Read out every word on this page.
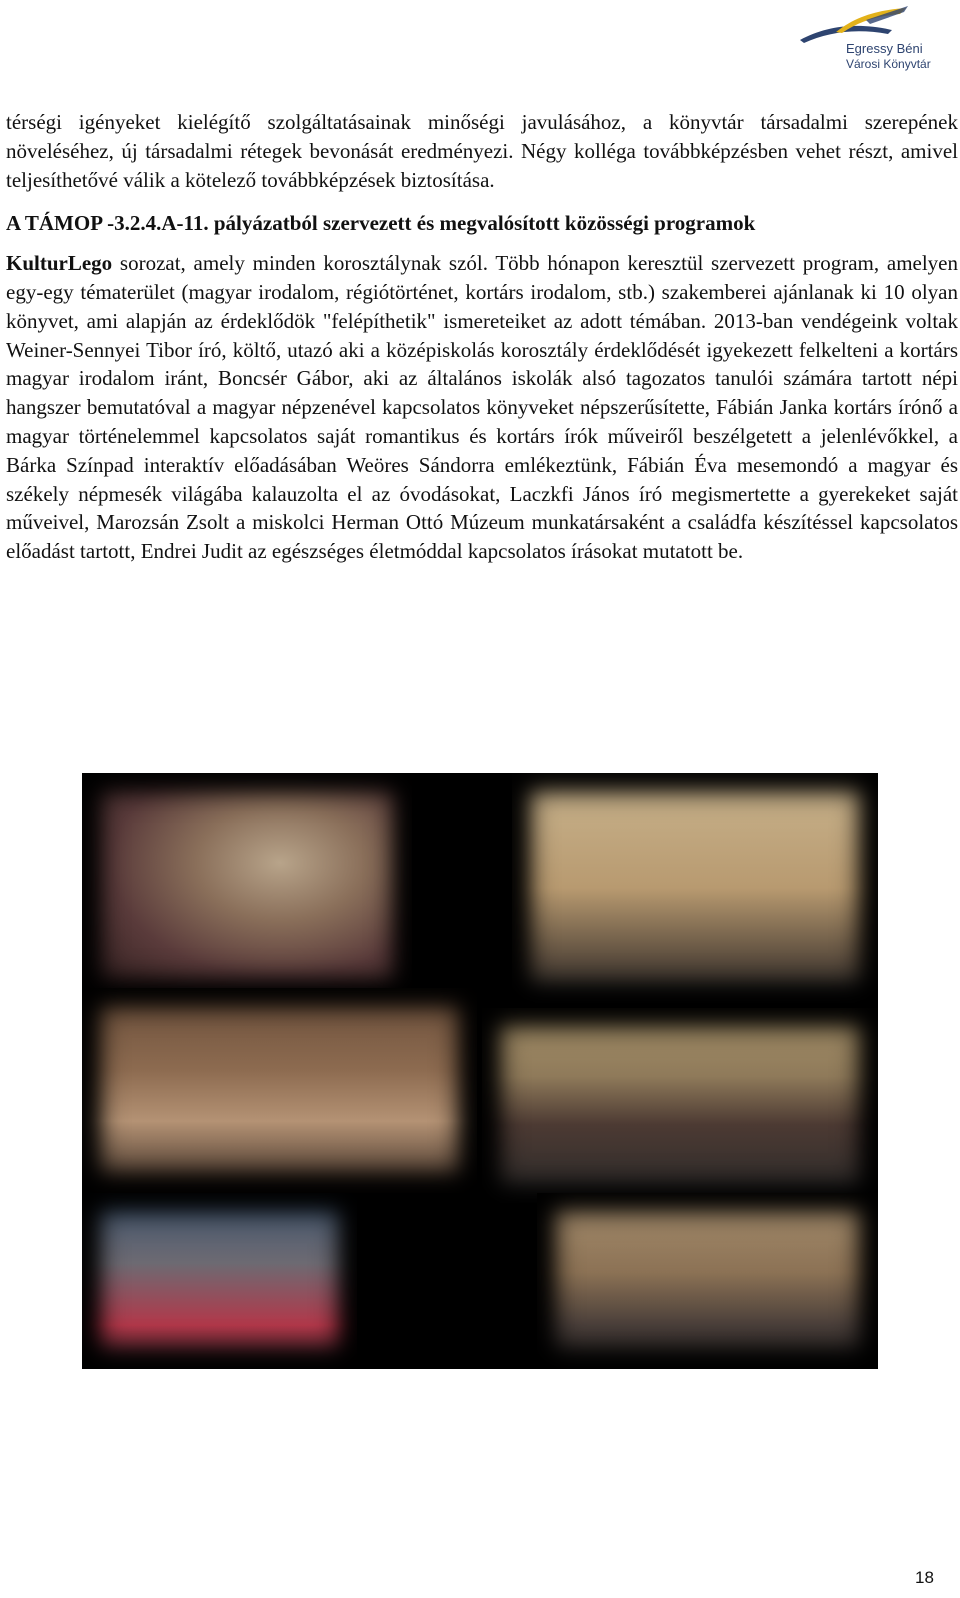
Egressy Béni
Városi Könyvtár

térségi igényeket kielégítő szolgáltatásainak minőségi javulásához, a könyvtár társadalmi szerepének növeléséhez, új társadalmi rétegek bevonását eredményezi. Négy kolléga továbbképzésben vehet részt, amivel teljesíthetővé válik a kötelező továbbképzések biztosítása.

A TÁMOP -3.2.4.A-11. pályázatból szervezett és megvalósított közösségi programok

KulturLego sorozat, amely minden korosztálynak szól. Több hónapon keresztül szervezett program, amelyen egy-egy tématerület (magyar irodalom, régiótörténet, kortárs irodalom, stb.) szakemberei ajánlanak ki 10 olyan könyvet, ami alapján az érdeklődök "felépíthetik" ismereteiket az adott témában. 2013-ban vendégeink voltak Weiner-Sennyei Tibor író, költő, utazó aki a középiskolás korosztály érdeklődését igyekezett felkelteni a kortárs magyar irodalom iránt, Boncsér Gábor, aki az általános iskolák alsó tagozatos tanulói számára tartott népi hangszer bemutatóval a magyar népzenével kapcsolatos könyveket népszerűsítette, Fábián Janka kortárs írónő a magyar történelemmel kapcsolatos saját romantikus és kortárs írók műveiről beszélgetett a jelenlévőkkel, a Bárka Színpad interaktív előadásában Weöres Sándorra emlékeztünk, Fábián Éva mesemondó a magyar és székely népmesék világába kalauzolta el az óvodásokat, Laczkfi János író megismertette a gyerekeket saját műveivel, Marozsán Zsolt a miskolci Herman Ottó Múzeum munkatársaként a családfa készítéssel kapcsolatos előadást tartott, Endrei Judit az egészséges életmóddal kapcsolatos írásokat mutatott be.

18
